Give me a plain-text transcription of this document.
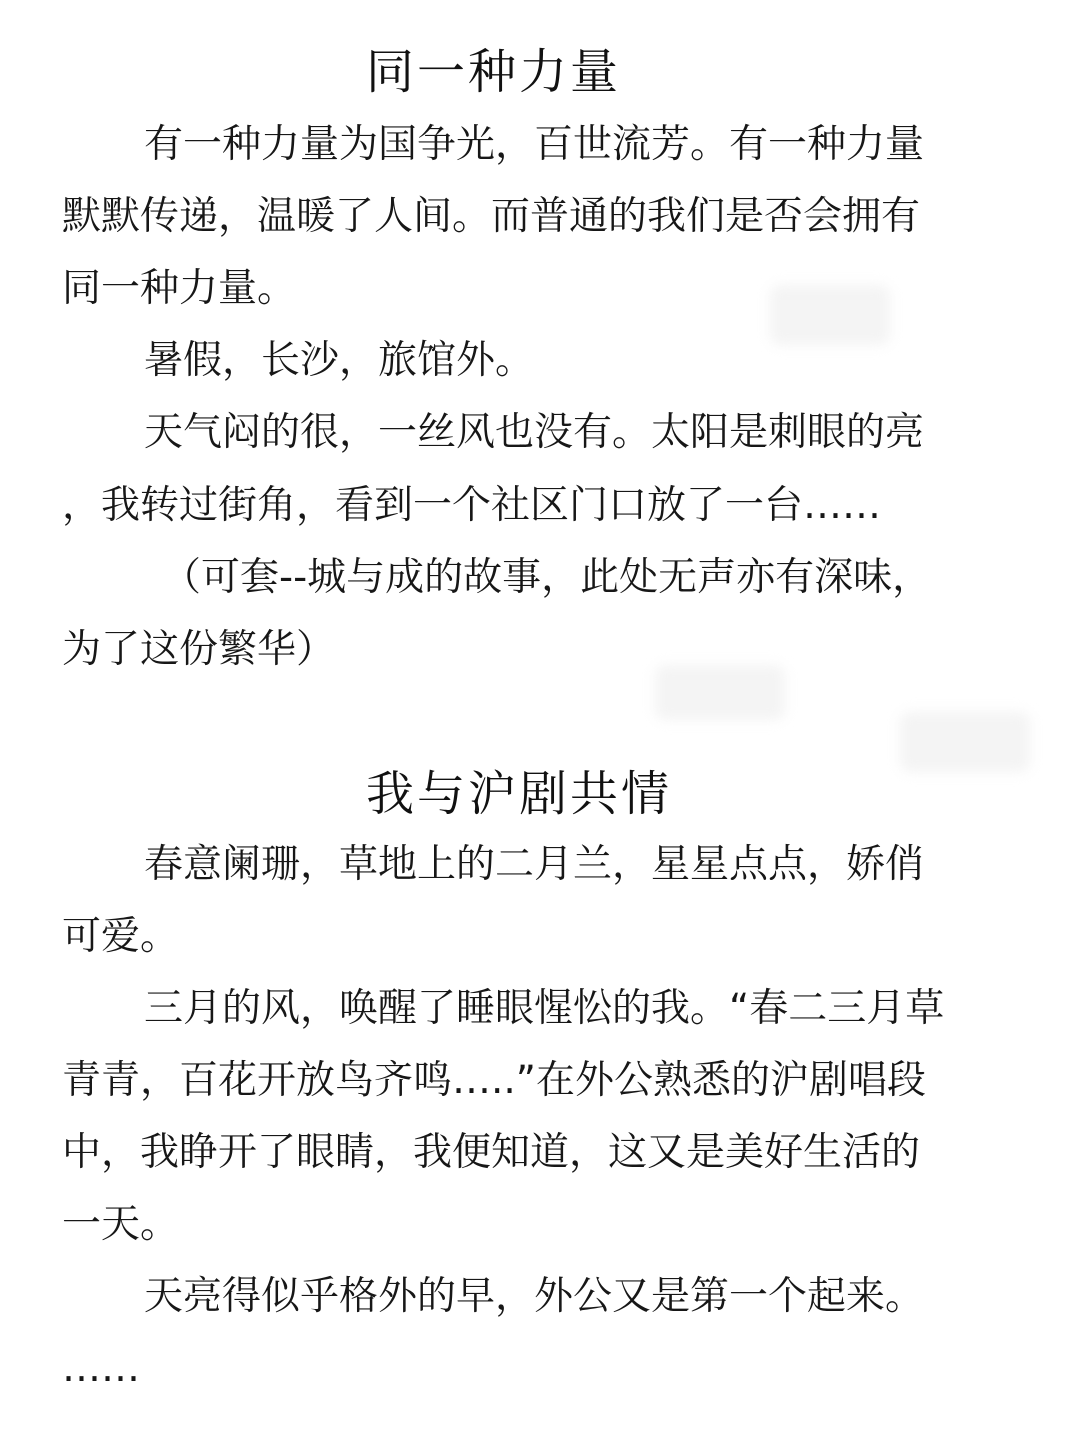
同一种力量
有一种力量为国争光，百世流芳。有一种力量
默默传递，温暖了人间。而普通的我们是否会拥有
同一种力量。
暑假，长沙，旅馆外。
天气闷的很，一丝风也没有。太阳是刺眼的亮
，我转过街角，看到一个社区门口放了一台……
（可套--城与成的故事，此处无声亦有深味，
为了这份繁华）
我与沪剧共情
春意阑珊，草地上的二月兰，星星点点，娇俏
可爱。
三月的风，唤醒了睡眼惺忪的我。“春二三月草
青青，百花开放鸟齐鸣…..”在外公熟悉的沪剧唱段
中，我睁开了眼睛，我便知道，这又是美好生活的
一天。
天亮得似乎格外的早，外公又是第一个起来。
……
